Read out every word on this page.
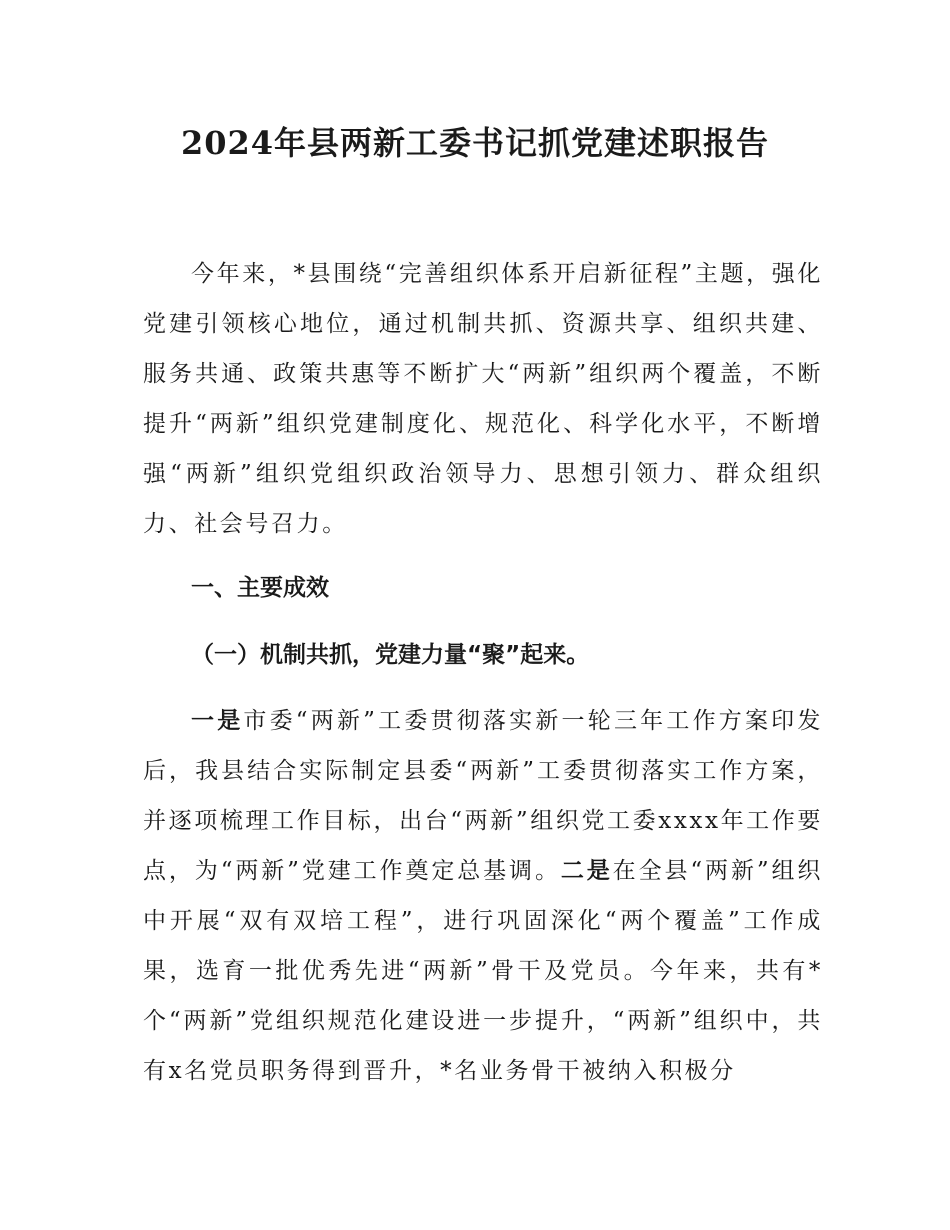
2024年县两新工委书记抓党建述职报告

今年来，*县围绕“完善组织体系开启新征程”主题，强化党建引领核心地位，通过机制共抓、资源共享、组织共建、服务共通、政策共惠等不断扩大“两新”组织两个覆盖，不断提升“两新”组织党建制度化、规范化、科学化水平，不断增强“两新”组织党组织政治领导力、思想引领力、群众组织力、社会号召力。

一、主要成效
（一）机制共抓，党建力量“聚”起来。

一是市委“两新”工委贯彻落实新一轮三年工作方案印发后，我县结合实际制定县委“两新”工委贯彻落实工作方案，并逐项梳理工作目标，出台“两新”组织党工委xxxx年工作要点，为“两新”党建工作奠定总基调。二是在全县“两新”组织中开展“双有双培工程”，进行巩固深化“两个覆盖”工作成果，选育一批优秀先进“两新”骨干及党员。今年来，共有*个“两新”党组织规范化建设进一步提升，“两新”组织中，共有x名党员职务得到晋升，*名业务骨干被纳入积极分
